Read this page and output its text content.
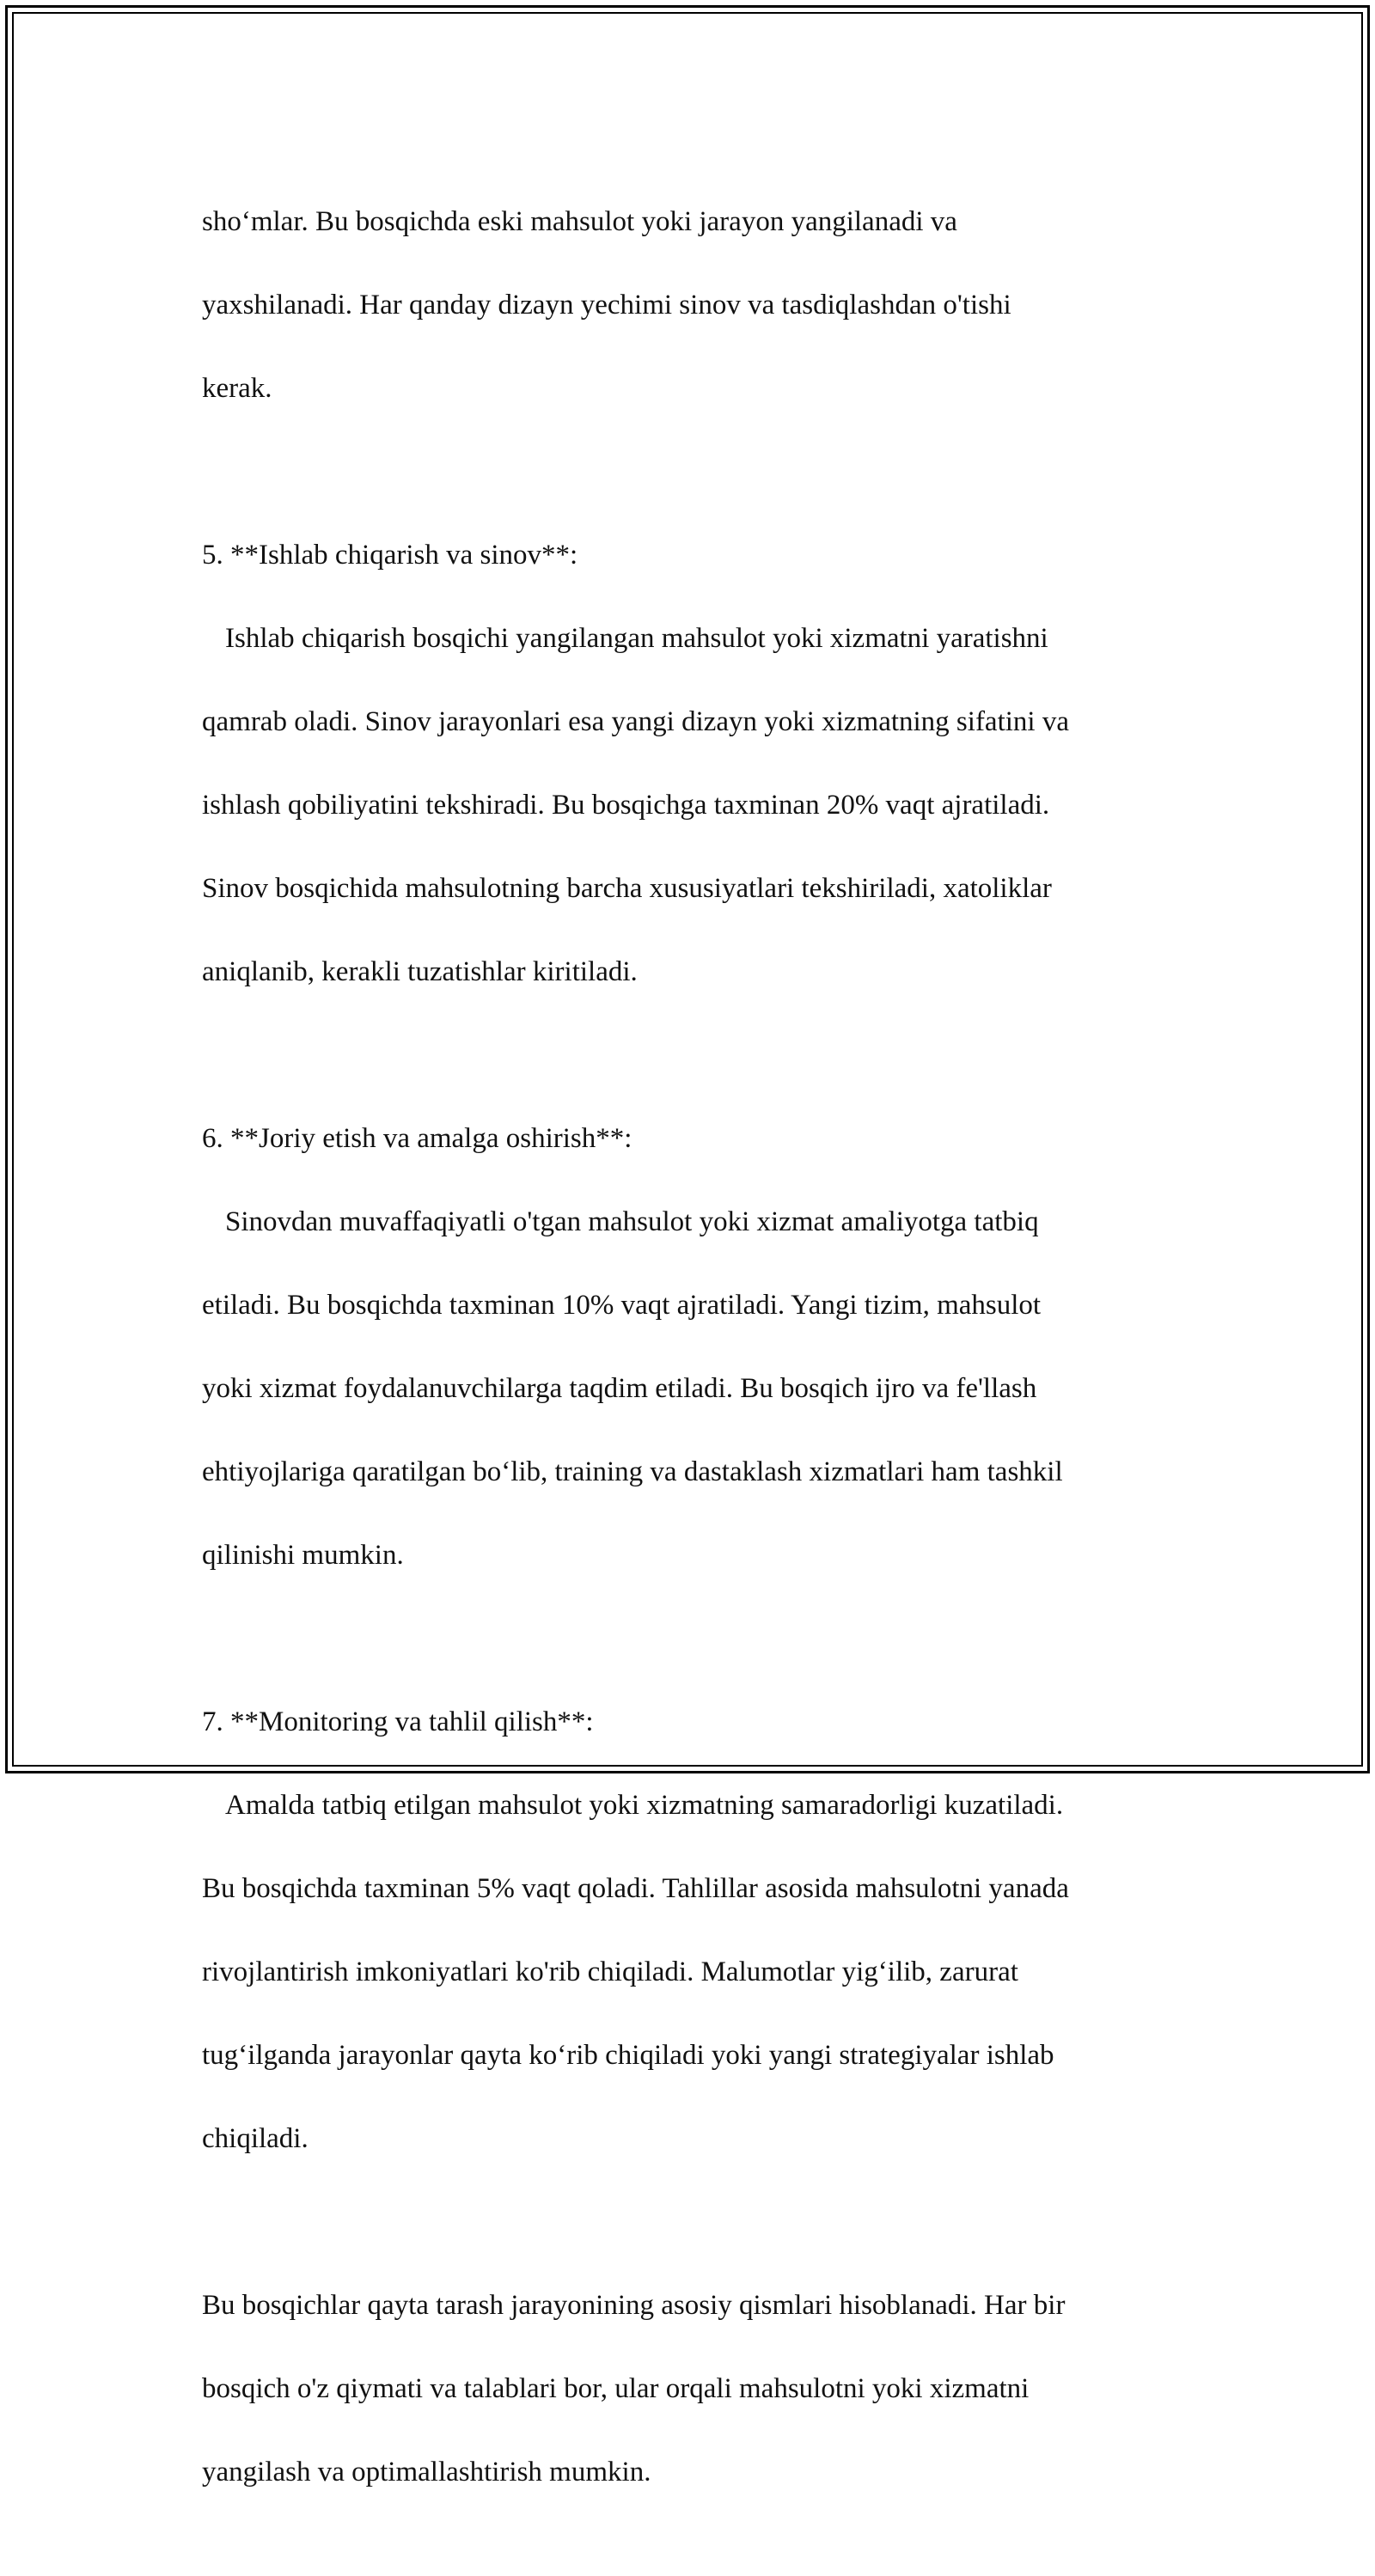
sho‘mlar. Bu bosqichda eski mahsulot yoki jarayon yangilanadi va

yaxshilanadi. Har qanday dizayn yechimi sinov va tasdiqlashdan o'tishi

kerak.

5. **Ishlab chiqarish va sinov**:

Ishlab chiqarish bosqichi yangilangan mahsulot yoki xizmatni yaratishni

qamrab oladi. Sinov jarayonlari esa yangi dizayn yoki xizmatning sifatini va

ishlash qobiliyatini tekshiradi. Bu bosqichga taxminan 20% vaqt ajratiladi.

Sinov bosqichida mahsulotning barcha xususiyatlari tekshiriladi, xatoliklar

aniqlanib, kerakli tuzatishlar kiritiladi.

6. **Joriy etish va amalga oshirish**:

Sinovdan muvaffaqiyatli o'tgan mahsulot yoki xizmat amaliyotga tatbiq

etiladi. Bu bosqichda taxminan 10% vaqt ajratiladi. Yangi tizim, mahsulot

yoki xizmat foydalanuvchilarga taqdim etiladi. Bu bosqich ijro va fe'llash

ehtiyojlariga qaratilgan bo‘lib, training va dastaklash xizmatlari ham tashkil

qilinishi mumkin.

7. **Monitoring va tahlil qilish**:

Amalda tatbiq etilgan mahsulot yoki xizmatning samaradorligi kuzatiladi.

Bu bosqichda taxminan 5% vaqt qoladi. Tahlillar asosida mahsulotni yanada

rivojlantirish imkoniyatlari ko'rib chiqiladi. Malumotlar yig‘ilib, zarurat

tug‘ilganda jarayonlar qayta ko‘rib chiqiladi yoki yangi strategiyalar ishlab

chiqiladi.

Bu bosqichlar qayta tarash jarayonining asosiy qismlari hisoblanadi. Har bir

bosqich o'z qiymati va talablari bor, ular orqali mahsulotni yoki xizmatni

yangilash va optimallashtirish mumkin.
